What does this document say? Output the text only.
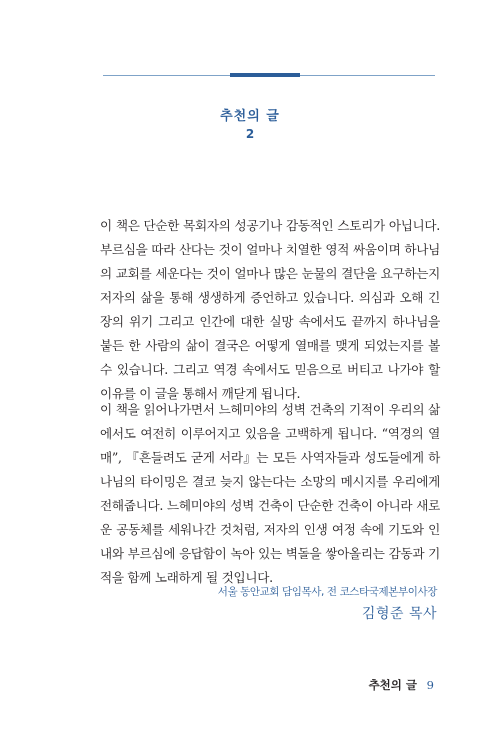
추천의 글
2
이 책은 단순한 목회자의 성공기나 감동적인 스토리가 아닙니다. 부르심을 따라 산다는 것이 얼마나 치열한 영적 싸움이며 하나님의 교회를 세운다는 것이 얼마나 많은 눈물의 결단을 요구하는지 저자의 삶을 통해 생생하게 증언하고 있습니다. 의심과 오해 긴장의 위기 그리고 인간에 대한 실망 속에서도 끝까지 하나님을 붙든 한 사람의 삶이 결국은 어떻게 열매를 맺게 되었는지를 볼 수 있습니다. 그리고 역경 속에서도 믿음으로 버티고 나가야 할 이유를 이 글을 통해서 깨닫게 됩니다.
이 책을 읽어나가면서 느헤미야의 성벽 건축의 기적이 우리의 삶에서도 여전히 이루어지고 있음을 고백하게 됩니다. “역경의 열매”, 『흔들려도 굳게 서라』는 모든 사역자들과 성도들에게 하나님의 타이밍은 결코 늦지 않는다는 소망의 메시지를 우리에게 전해줍니다. 느헤미야의 성벽 건축이 단순한 건축이 아니라 새로운 공동체를 세워나간 것처럼, 저자의 인생 여정 속에 기도와 인내와 부르심에 응답함이 녹아 있는 벽돌을 쌓아올리는 감동과 기적을 함께 노래하게 될 것입니다.
서울 동안교회 담임목사, 전 코스타국제본부이사장
김형준 목사
추천의 글 9
